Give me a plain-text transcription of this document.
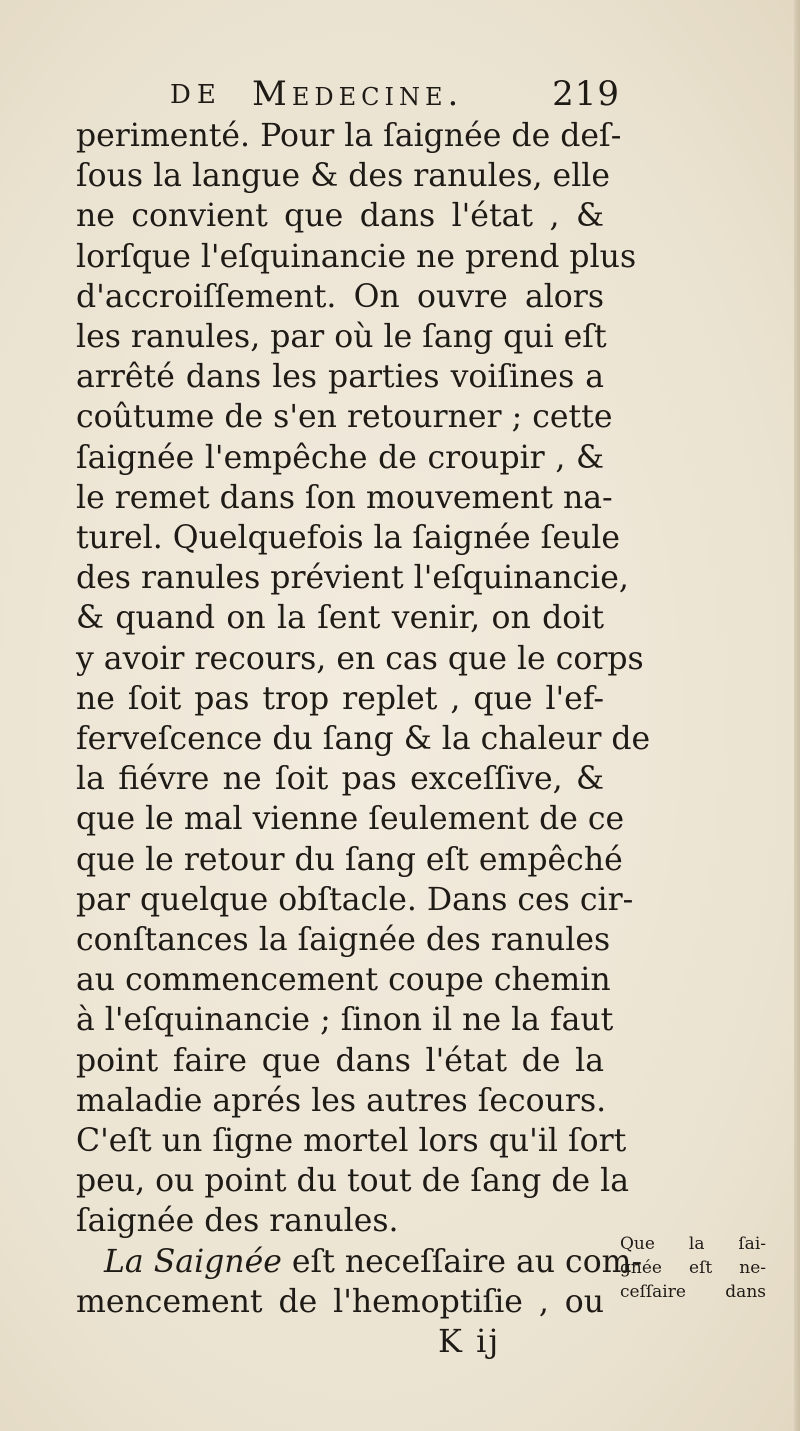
DE Medecine.	219
perimenté. Pour la ſaignée de deſ-
ſous la langue & des ranules, elle
ne convient que dans l'état , &
lorſque l'eſquinancie ne prend plus
d'accroiſſement. On ouvre alors
les ranules, par où le ſang qui eſt
arrêté dans les parties voiſines a
coûtume de s'en retourner ; cette
ſaignée l'empêche de croupir , &
le remet dans ſon mouvement na-
turel. Quelquefois la ſaignée ſeule
des ranules prévient l'eſquinancie,
& quand on la ſent venir, on doit
y avoir recours, en cas que le corps
ne ſoit pas trop replet , que l'ef-
ferveſcence du ſang & la chaleur de
la fiévre ne ſoit pas exceſſive, &
que le mal vienne ſeulement de ce
que le retour du ſang eſt empêché
par quelque obſtacle. Dans ces cir-
conſtances la ſaignée des ranules
au commencement coupe chemin
à l'eſquinancie ; ſinon il ne la faut
point faire que dans l'état de la
maladie aprés les autres ſecours.
C'eſt un ſigne mortel lors qu'il ſort
peu, ou point du tout de ſang de la
ſaignée des ranules.
La Saignée eſt neceſſaire au com-
mencement de l'hemoptiſie , ou
Que la ſai-
gnée eſt ne-
ceſſaire dans
K ij
